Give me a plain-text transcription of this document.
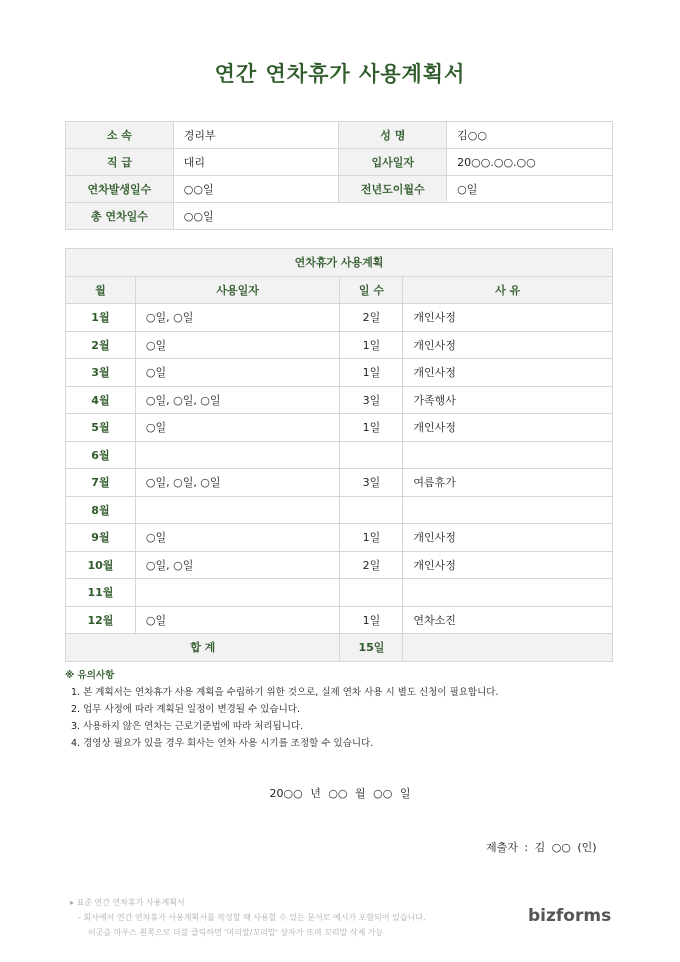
연간 연차휴가 사용계획서
소 속	경리부	성 명	김○○
직 급	대리	입사일자	20○○.○○.○○
연차발생일수	○○일	전년도이월수	○일
총 연차일수	○○일		
연차휴가 사용계획			
월	사용일자	일 수	사 유
1월	○일, ○일	2일	개인사정
2월	○일	1일	개인사정
3월	○일	1일	개인사정
4월	○일, ○일, ○일	3일	가족행사
5월	○일	1일	개인사정
6월			
7월	○일, ○일, ○일	3일	여름휴가
8월			
9월	○일	1일	개인사정
10월	○일, ○일	2일	개인사정
11월			
12월	○일	1일	연차소진
합 계		15일	
※ 유의사항
1. 본 계획서는 연차휴가 사용 계획을 수립하기 위한 것으로, 실제 연차 사용 시 별도 신청이 필요합니다.
2. 업무 사정에 따라 계획된 일정이 변경될 수 있습니다.
3. 사용하지 않은 연차는 근로기준법에 따라 처리됩니다.
4. 경영상 필요가 있을 경우 회사는 연차 사용 시기를 조정할 수 있습니다.
20○○ 년 ○○ 월 ○○ 일
제출자 : 김 ○○ (인)
▸ 표준 연간 연차휴가 사용계획서
- 회사에서 연간 연차휴가 사용계획서를 작성할 때 사용할 수 있는 문서로 예시가 포함되어 있습니다.
이곳을 마우스 왼쪽으로 더블 클릭하면 '머리말/꼬리말' 상자가 뜨며 꼬리말 삭제 가능
bizforms
